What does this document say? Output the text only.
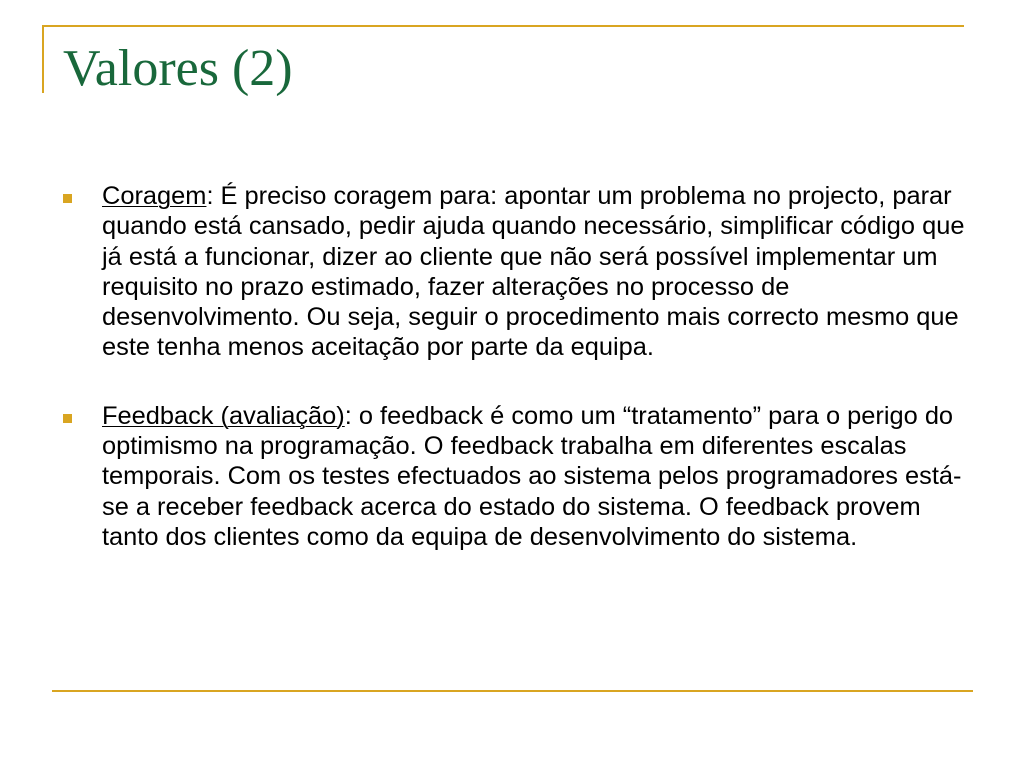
Valores (2)
Coragem: É preciso coragem para: apontar um problema no projecto, parar quando está cansado, pedir ajuda quando necessário, simplificar código que já está a funcionar, dizer ao cliente que não será possível implementar um requisito no prazo estimado, fazer alterações no processo de desenvolvimento. Ou seja, seguir o procedimento mais correcto mesmo que este tenha menos aceitação por parte da equipa.
Feedback (avaliação): o feedback é como um “tratamento” para o perigo do optimismo na programação. O feedback trabalha em diferentes escalas temporais. Com os testes efectuados ao sistema pelos programadores está-se a receber feedback acerca do estado do sistema. O feedback provem tanto dos clientes como da equipa de desenvolvimento do sistema.
